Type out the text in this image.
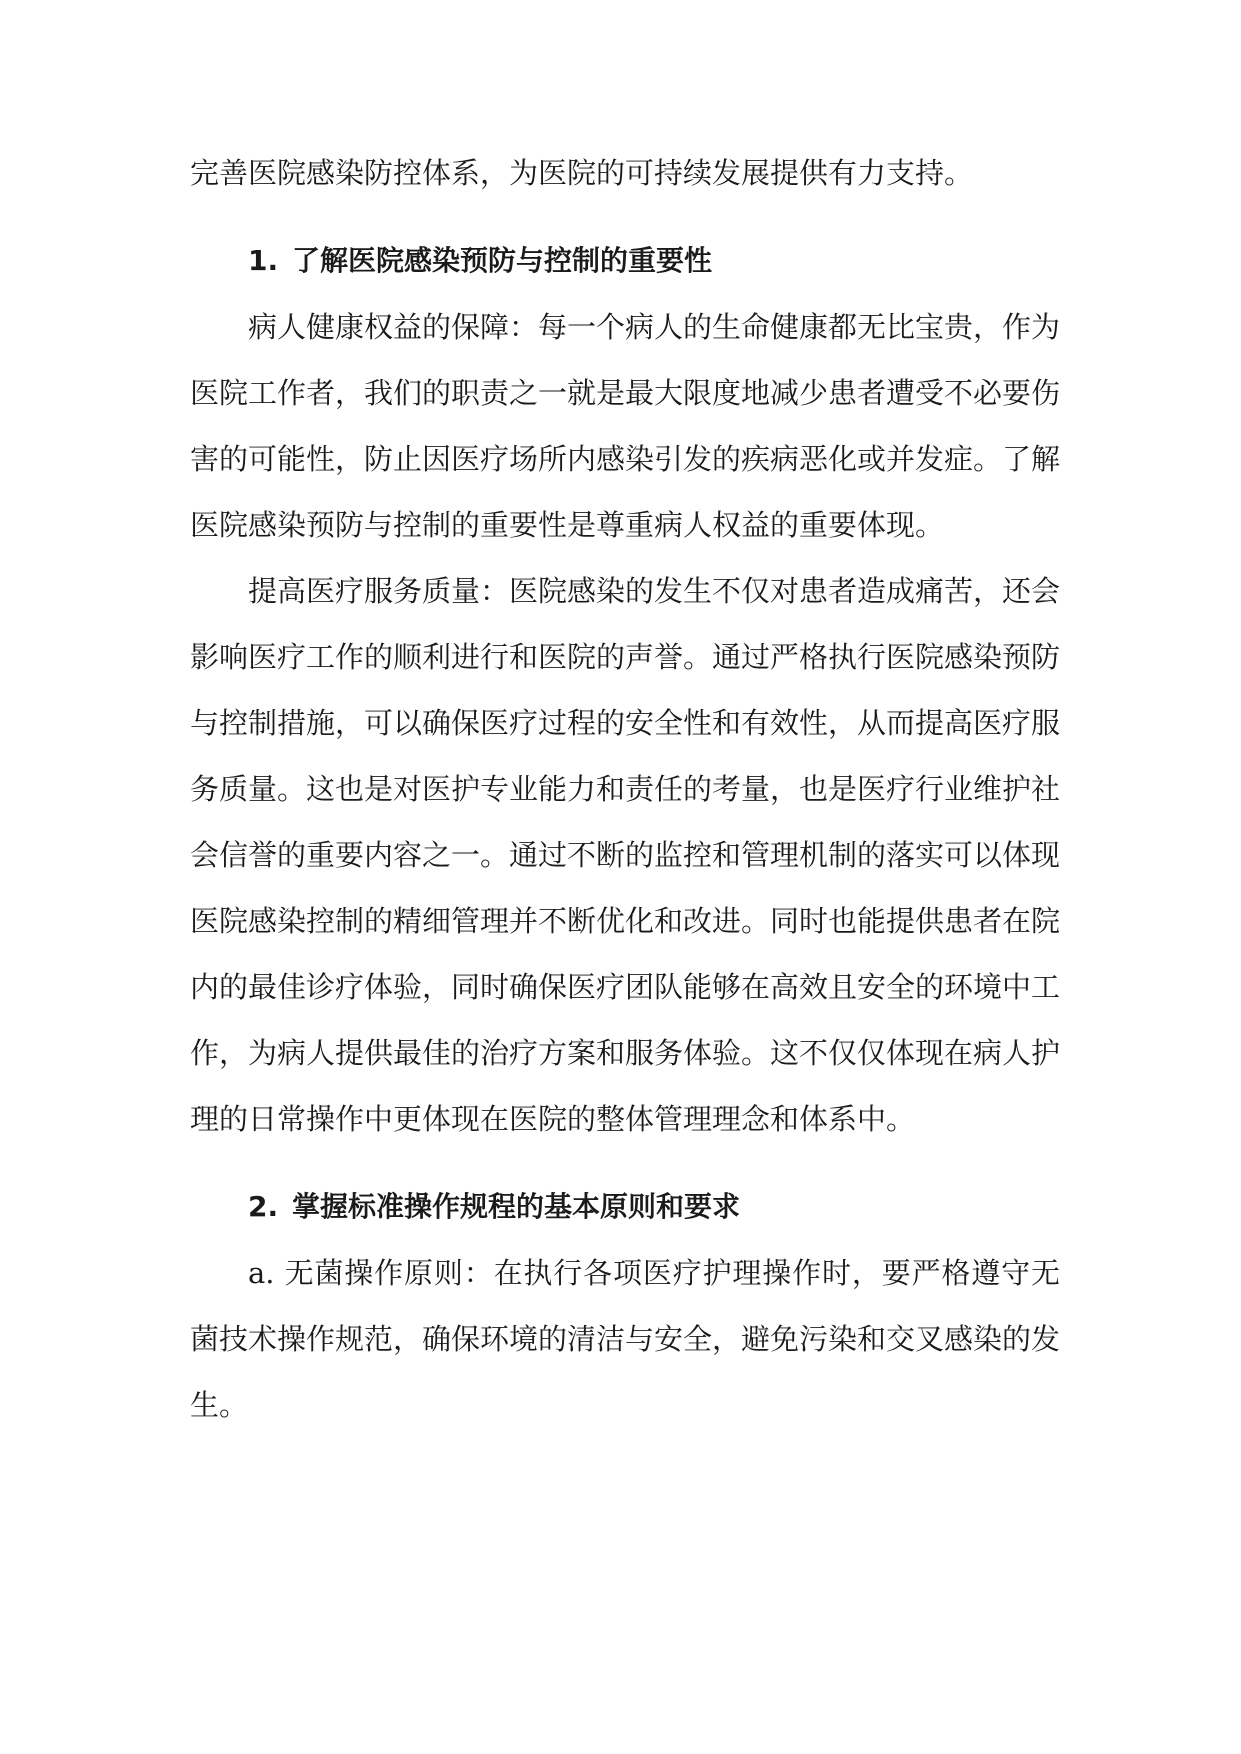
完善医院感染防控体系，为医院的可持续发展提供有力支持。

1. 了解医院感染预防与控制的重要性

病人健康权益的保障：每一个病人的生命健康都无比宝贵，作为医院工作者，我们的职责之一就是最大限度地减少患者遭受不必要伤害的可能性，防止因医疗场所内感染引发的疾病恶化或并发症。了解医院感染预防与控制的重要性是尊重病人权益的重要体现。

提高医疗服务质量：医院感染的发生不仅对患者造成痛苦，还会影响医疗工作的顺利进行和医院的声誉。通过严格执行医院感染预防与控制措施，可以确保医疗过程的安全性和有效性，从而提高医疗服务质量。这也是对医护专业能力和责任的考量，也是医疗行业维护社会信誉的重要内容之一。通过不断的监控和管理机制的落实可以体现医院感染控制的精细管理并不断优化和改进。同时也能提供患者在院内的最佳诊疗体验，同时确保医疗团队能够在高效且安全的环境中工作，为病人提供最佳的治疗方案和服务体验。这不仅仅体现在病人护理的日常操作中更体现在医院的整体管理理念和体系中。

2. 掌握标准操作规程的基本原则和要求

a. 无菌操作原则：在执行各项医疗护理操作时，要严格遵守无菌技术操作规范，确保环境的清洁与安全，避免污染和交叉感染的发生。
